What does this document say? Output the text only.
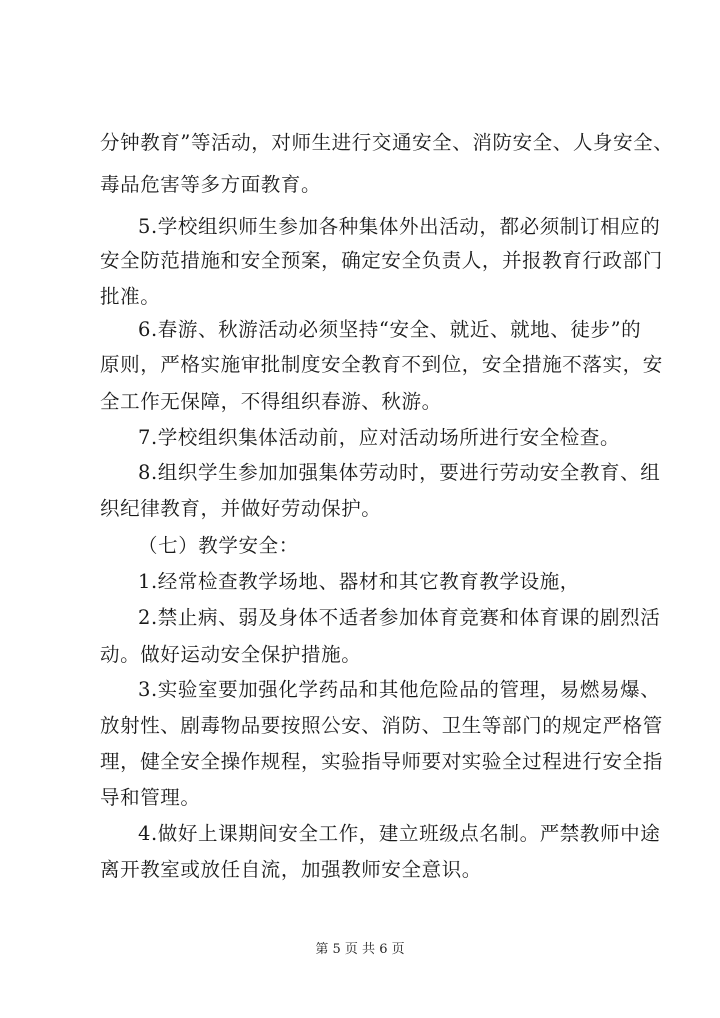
分钟教育”等活动，对师生进行交通安全、消防安全、人身安全、
毒品危害等多方面教育。
5.学校组织师生参加各种集体外出活动，都必须制订相应的
安全防范措施和安全预案，确定安全负责人，并报教育行政部门
批准。
6.春游、秋游活动必须坚持“安全、就近、就地、徒步”的
原则，严格实施审批制度安全教育不到位，安全措施不落实，安
全工作无保障，不得组织春游、秋游。
7.学校组织集体活动前，应对活动场所进行安全检查。
8.组织学生参加加强集体劳动时，要进行劳动安全教育、组
织纪律教育，并做好劳动保护。
（七）教学安全：
1.经常检查教学场地、器材和其它教育教学设施，
2.禁止病、弱及身体不适者参加体育竞赛和体育课的剧烈活
动。做好运动安全保护措施。
3.实验室要加强化学药品和其他危险品的管理，易燃易爆、
放射性、剧毒物品要按照公安、消防、卫生等部门的规定严格管
理，健全安全操作规程，实验指导师要对实验全过程进行安全指
导和管理。
4.做好上课期间安全工作，建立班级点名制。严禁教师中途
离开教室或放任自流，加强教师安全意识。
第 5 页 共 6 页
